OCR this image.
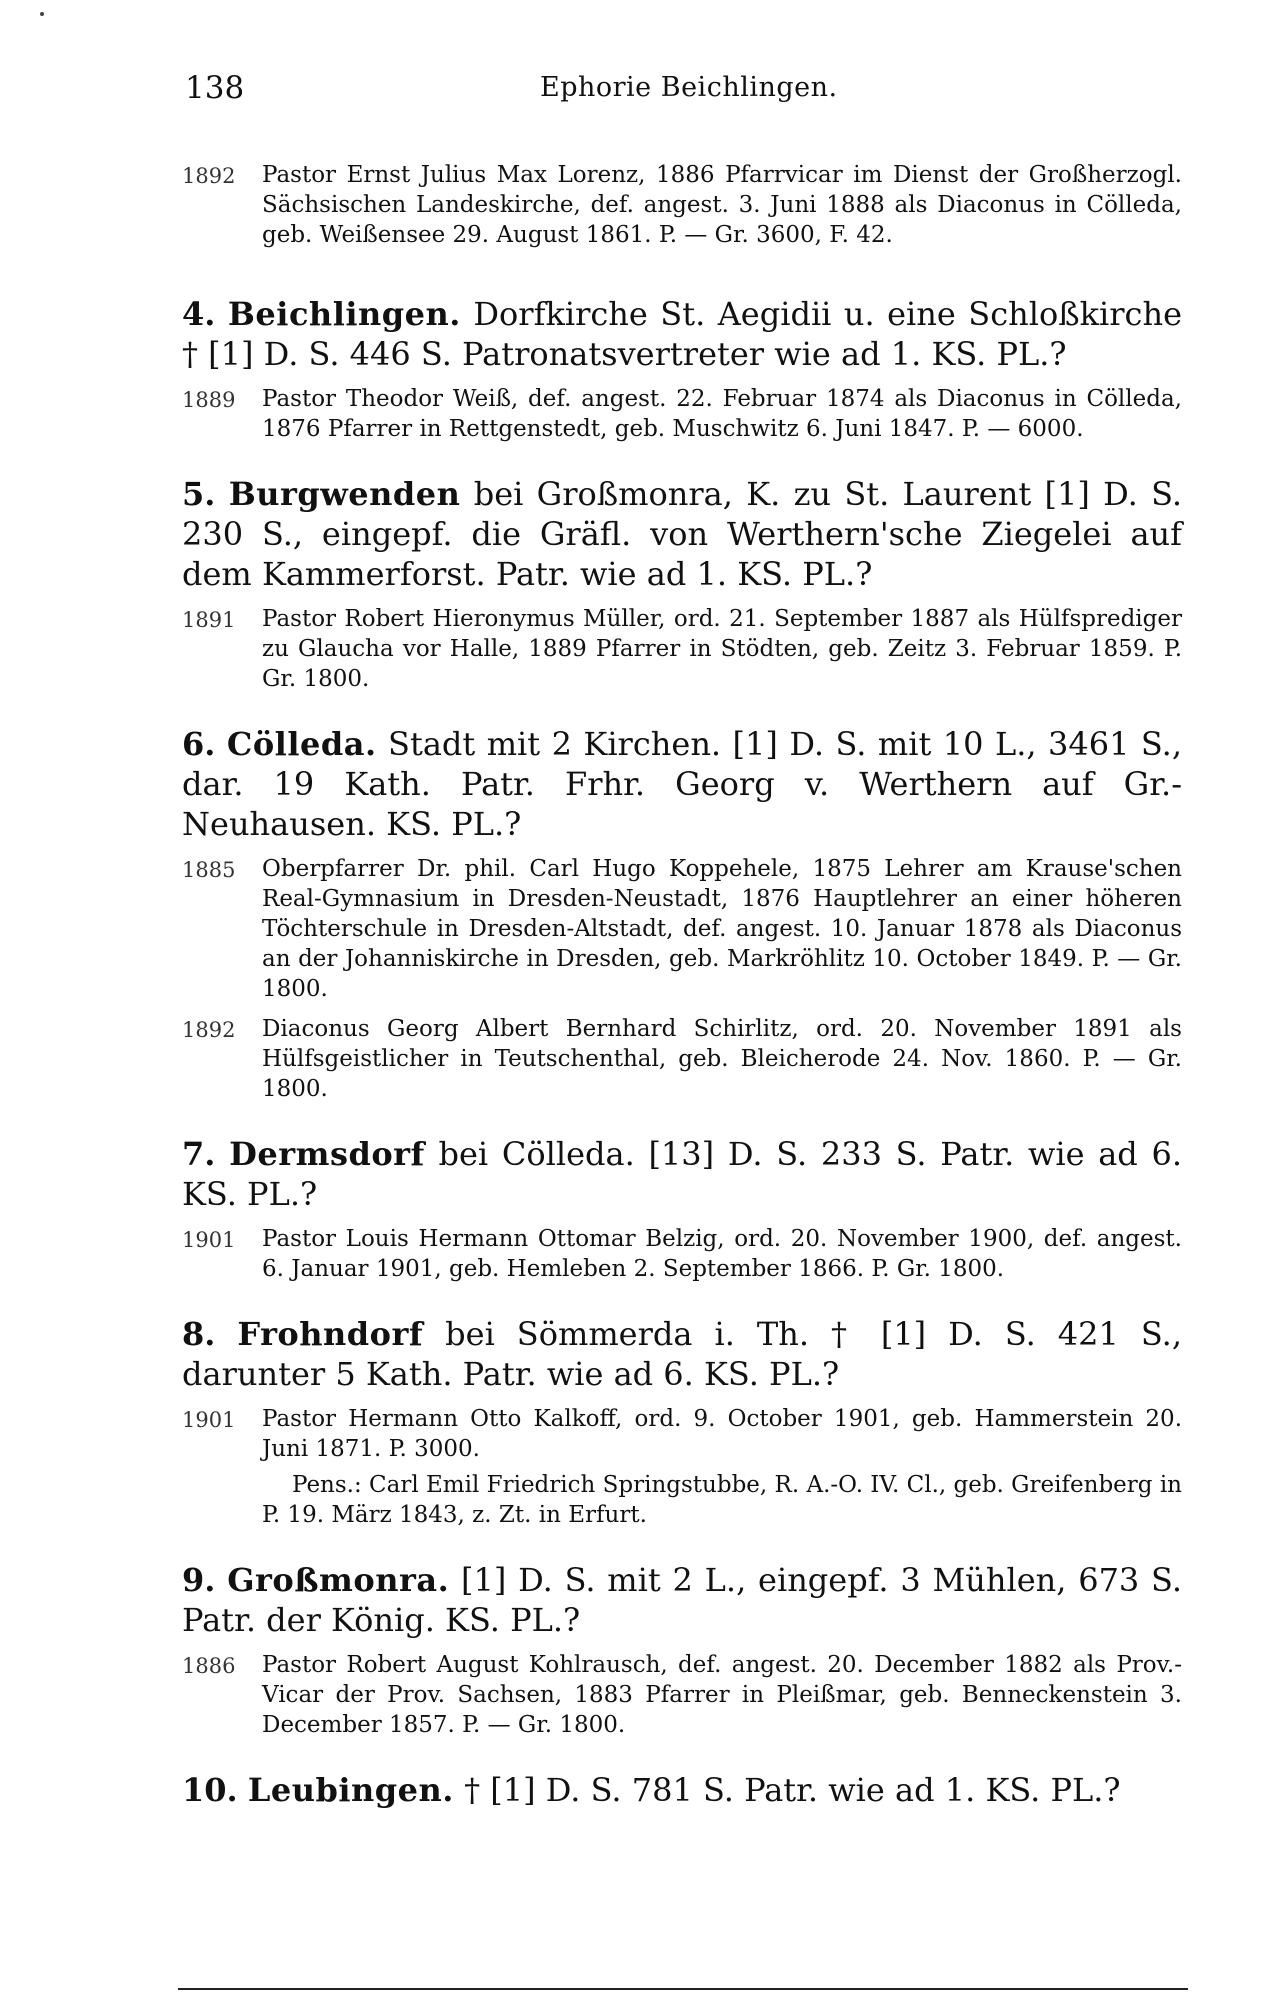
138	Ephorie Beichlingen.
1892	Pastor Ernst Julius Max Lorenz, 1886 Pfarrvicar im Dienst der Großherzogl. Sächsischen Landeskirche, def. angest. 3. Juni 1888 als Diaconus in Cölleda, geb. Weißensee 29. August 1861. P. — Gr. 3600, F. 42.

4. Beichlingen. Dorfkirche St. Aegidii u. eine Schloßkirche † [1] D. S. 446 S. Patronatsvertreter wie ad 1. KS. PL.?

1889	Pastor Theodor Weiß, def. angest. 22. Februar 1874 als Diaconus in Cölleda, 1876 Pfarrer in Rettgenstedt, geb. Muschwitz 6. Juni 1847. P. — 6000.

5. Burgwenden bei Großmonra, K. zu St. Laurent [1] D. S. 230 S., eingepf. die Gräfl. von Werthern'sche Ziegelei auf dem Kammerforst. Patr. wie ad 1. KS. PL.?

1891	Pastor Robert Hieronymus Müller, ord. 21. September 1887 als Hülfsprediger zu Glaucha vor Halle, 1889 Pfarrer in Stödten, geb. Zeitz 3. Februar 1859. P. Gr. 1800.

6. Cölleda. Stadt mit 2 Kirchen. [1] D. S. mit 10 L., 3461 S., dar. 19 Kath. Patr. Frhr. Georg v. Werthern auf Gr.-Neuhausen. KS. PL.?

1885	Oberpfarrer Dr. phil. Carl Hugo Koppehele, 1875 Lehrer am Krause'schen Real-Gymnasium in Dresden-Neustadt, 1876 Hauptlehrer an einer höheren Töchterschule in Dresden-Altstadt, def. angest. 10. Januar 1878 als Diaconus an der Johanniskirche in Dresden, geb. Markröhlitz 10. October 1849. P. — Gr. 1800.
1892	Diaconus Georg Albert Bernhard Schirlitz, ord. 20. November 1891 als Hülfsgeistlicher in Teutschenthal, geb. Bleicherode 24. Nov. 1860. P. — Gr. 1800.

7. Dermsdorf bei Cölleda. [13] D. S. 233 S. Patr. wie ad 6. KS. PL.?

1901	Pastor Louis Hermann Ottomar Belzig, ord. 20. November 1900, def. angest. 6. Januar 1901, geb. Hemleben 2. September 1866. P. Gr. 1800.

8. Frohndorf bei Sömmerda i. Th. † [1] D. S. 421 S., darunter 5 Kath. Patr. wie ad 6. KS. PL.?

1901	Pastor Hermann Otto Kalkoff, ord. 9. October 1901, geb. Hammerstein 20. Juni 1871. P. 3000.

Pens.: Carl Emil Friedrich Springstubbe, R. A.-O. IV. Cl., geb. Greifenberg in P. 19. März 1843, z. Zt. in Erfurt.

9. Großmonra. [1] D. S. mit 2 L., eingepf. 3 Mühlen, 673 S. Patr. der König. KS. PL.?

1886	Pastor Robert August Kohlrausch, def. angest. 20. December 1882 als Prov.-Vicar der Prov. Sachsen, 1883 Pfarrer in Pleißmar, geb. Benneckenstein 3. December 1857. P. — Gr. 1800.

10. Leubingen. † [1] D. S. 781 S. Patr. wie ad 1. KS. PL.?
